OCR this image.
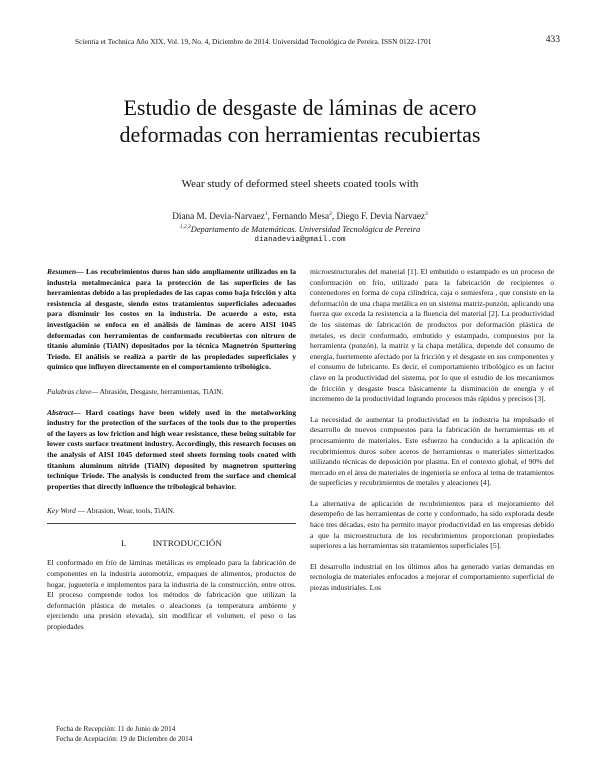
Scientia et Technica Año XIX, Vol. 19, No. 4, Diciembre de 2014. Universidad Tecnológica de Pereira. ISSN 0122-1701	433
Estudio de desgaste de láminas de acero
deformadas con herramientas recubiertas
Wear study of deformed steel sheets coated tools with
Diana M. Devia-Narvaez$^1$, Fernando Mesa$^2$, Diego F. Devia Narvaez$^3$
$^{1,2,3}$Departamento de Matemáticas. Universidad Tecnológica de Pereira
dianadevia@gmail.com

Resumen— Los recubrimientos duros han sido ampliamente utilizados en la industria metalmecánica para la protección de las superficies de las herramientas debido a las propiedades de las capas como baja fricción y alta resistencia al desgaste, siendo estos tratamientos superficiales adecuados para disminuir los costos en la industria. De acuerdo a esto, esta investigación se enfoca en el análisis de láminas de acero AISI 1045 deformadas con herramientas de conformado recubiertas con nitruro de titanio aluminio (TiAlN) depositados por la técnica Magnetrón Sputtering Tríodo. El análisis se realiza a partir de las propiedades superficiales y químico que influyen directamente en el comportamiento tribológico.

Palabras clave— Abrasión, Desgaste, herramientas, TiAlN.

Abstract— Hard coatings have been widely used in the metalworking industry for the protection of the surfaces of the tools due to the properties of the layers as low friction and high wear resistance, these being suitable for lower costs surface treatment industry. Accordingly, this research focuses on the analysis of AISI 1045 deformed steel sheets forming tools coated with titanium aluminum nitride (TiAlN) deposited by magnetron sputtering technique Triode. The analysis is conducted from the surface and chemical properties that directly influence the tribological behavior.

Key Word — Abrasion, Wear, tools, TiAlN.

I.	INTRODUCCIÓN

El conformado en frío de láminas metálicas es empleado para la fabricación de componentes en la industria automotriz, empaques de alimentos, productos de hogar, juguetería e implementos para la industria de la construcción, entre otros. El proceso comprende todos los métodos de fabricación que utilizan la deformación plástica de metales o aleaciones (a temperatura ambiente y ejerciendo una presión elevada), sin modificar el volumen, el peso o las propiedades

microestructurales del material [1]. El embutido o estampado es un proceso de conformación en frío, utilizado para la fabricación de recipientes o contenedores en forma de copa cilíndrica, caja o semiesfera , que consiste en la deformación de una chapa metálica en un sistema matriz-punzón, aplicando una fuerza que exceda la resistencia a la fluencia del material [2]. La productividad de los sistemas de fabricación de productos por deformación plástica de metales, es decir conformado, embutido y estampado, compuestos por la herramienta (punzón), la matriz y la chapa metálica, depende del consumo de energía, fuertemente afectado por la fricción y el desgaste en sus componentes y el consumo de lubricante. Es decir, el comportamiento tribológico es un factor clave en la productividad del sistema, por lo que el estudio de los mecanismos de fricción y desgaste busca básicamente la disminución de energía y el incremento de la productividad logrando procesos más rápidos y precisos [3].

La necesidad de aumentar la productividad en la industria ha impulsado el desarrollo de nuevos compuestos para la fabricación de herramientas en el procesamiento de materiales. Este esfuerzo ha conducido a la aplicación de recubrimientos duros sobre aceros de herramientas o materiales sinterizados utilizando técnicas de deposición por plasma. En el contexto global, el 90% del mercado en el área de materiales de ingeniería se enfoca al tema de tratamientos de superficies y recubrimientos de metales y aleaciones [4].

La alternativa de aplicación de recubrimientos para el mejoramiento del desempeño de las herramientas de corte y conformado, ha sido explorada desde hace tres décadas, esto ha permito mayor productividad en las empresas debido a que la microestructura de los recubrimientos proporcionan propiedades superiores a las herramientas sin tratamientos superficiales [5].

El desarrollo industrial en los últimos años ha generado varias demandas en tecnología de materiales enfocados a mejorar el comportamiento superficial de piezas industriales. Los

Fecha de Recepción: 11 de Junio de 2014
Fecha de Aceptación: 19 de Diciembre de 2014
